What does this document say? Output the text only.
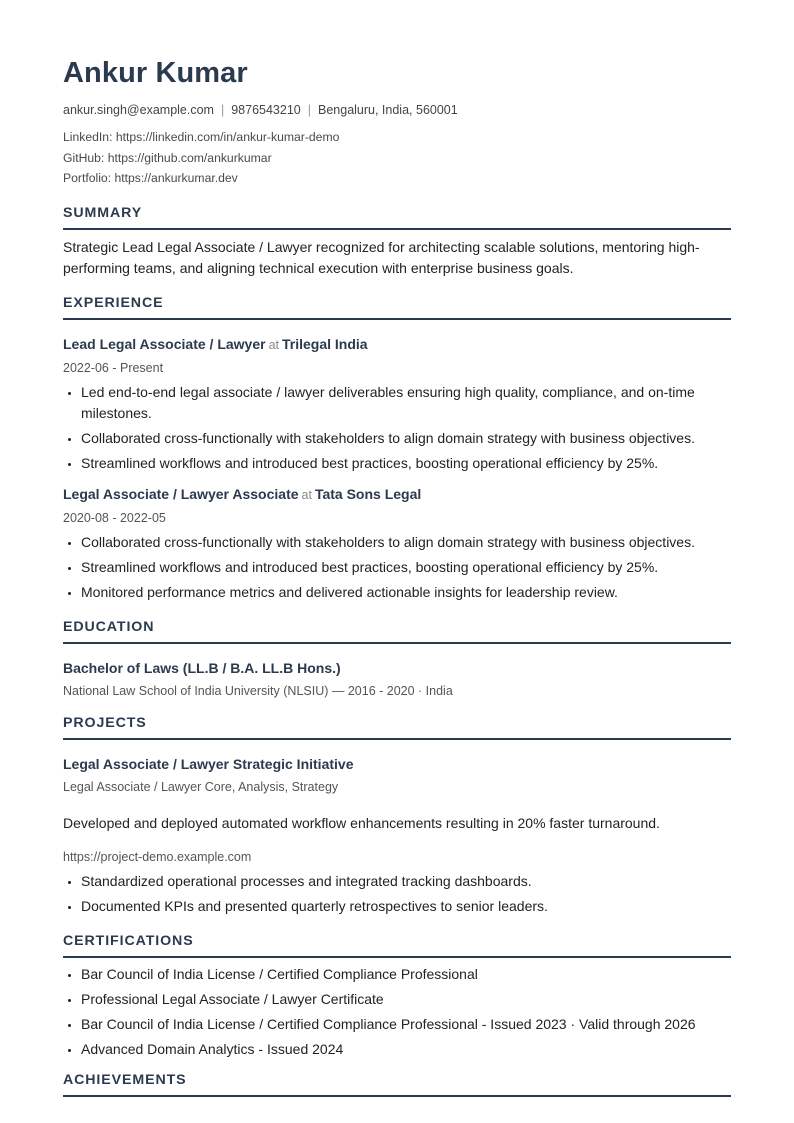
Ankur Kumar
ankur.singh@example.com | 9876543210 | Bengaluru, India, 560001
LinkedIn: https://linkedin.com/in/ankur-kumar-demo
GitHub: https://github.com/ankurkumar
Portfolio: https://ankurkumar.dev
SUMMARY
Strategic Lead Legal Associate / Lawyer recognized for architecting scalable solutions, mentoring high-performing teams, and aligning technical execution with enterprise business goals.
EXPERIENCE
Lead Legal Associate / Lawyer at Trilegal India
2022-06 - Present
• Led end-to-end legal associate / lawyer deliverables ensuring high quality, compliance, and on-time milestones.
• Collaborated cross-functionally with stakeholders to align domain strategy with business objectives.
• Streamlined workflows and introduced best practices, boosting operational efficiency by 25%.
Legal Associate / Lawyer Associate at Tata Sons Legal
2020-08 - 2022-05
• Collaborated cross-functionally with stakeholders to align domain strategy with business objectives.
• Streamlined workflows and introduced best practices, boosting operational efficiency by 25%.
• Monitored performance metrics and delivered actionable insights for leadership review.
EDUCATION
Bachelor of Laws (LL.B / B.A. LL.B Hons.)
National Law School of India University (NLSIU) — 2016 - 2020 · India
PROJECTS
Legal Associate / Lawyer Strategic Initiative
Legal Associate / Lawyer Core, Analysis, Strategy
Developed and deployed automated workflow enhancements resulting in 20% faster turnaround.
https://project-demo.example.com
• Standardized operational processes and integrated tracking dashboards.
• Documented KPIs and presented quarterly retrospectives to senior leaders.
CERTIFICATIONS
• Bar Council of India License / Certified Compliance Professional
• Professional Legal Associate / Lawyer Certificate
• Bar Council of India License / Certified Compliance Professional - Issued 2023 · Valid through 2026
• Advanced Domain Analytics - Issued 2024
ACHIEVEMENTS
